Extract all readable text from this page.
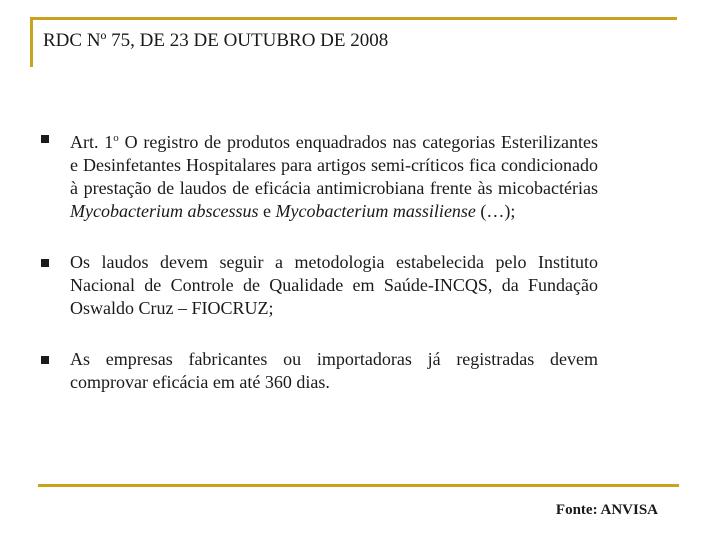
RDC Nº 75, DE 23 DE OUTUBRO DE 2008
Art. 1$^o$ O registro de produtos enquadrados nas categorias Esterilizantes e Desinfetantes Hospitalares para artigos semi-críticos fica condicionado à prestação de laudos de eficácia antimicrobiana frente às micobactérias Mycobacterium abscessus e Mycobacterium massiliense (…);
Os laudos devem seguir a metodologia estabelecida pelo Instituto Nacional de Controle de Qualidade em Saúde-INCQS, da Fundação Oswaldo Cruz – FIOCRUZ;
As empresas fabricantes ou importadoras já registradas devem comprovar eficácia em até 360 dias.
Fonte: ANVISA
